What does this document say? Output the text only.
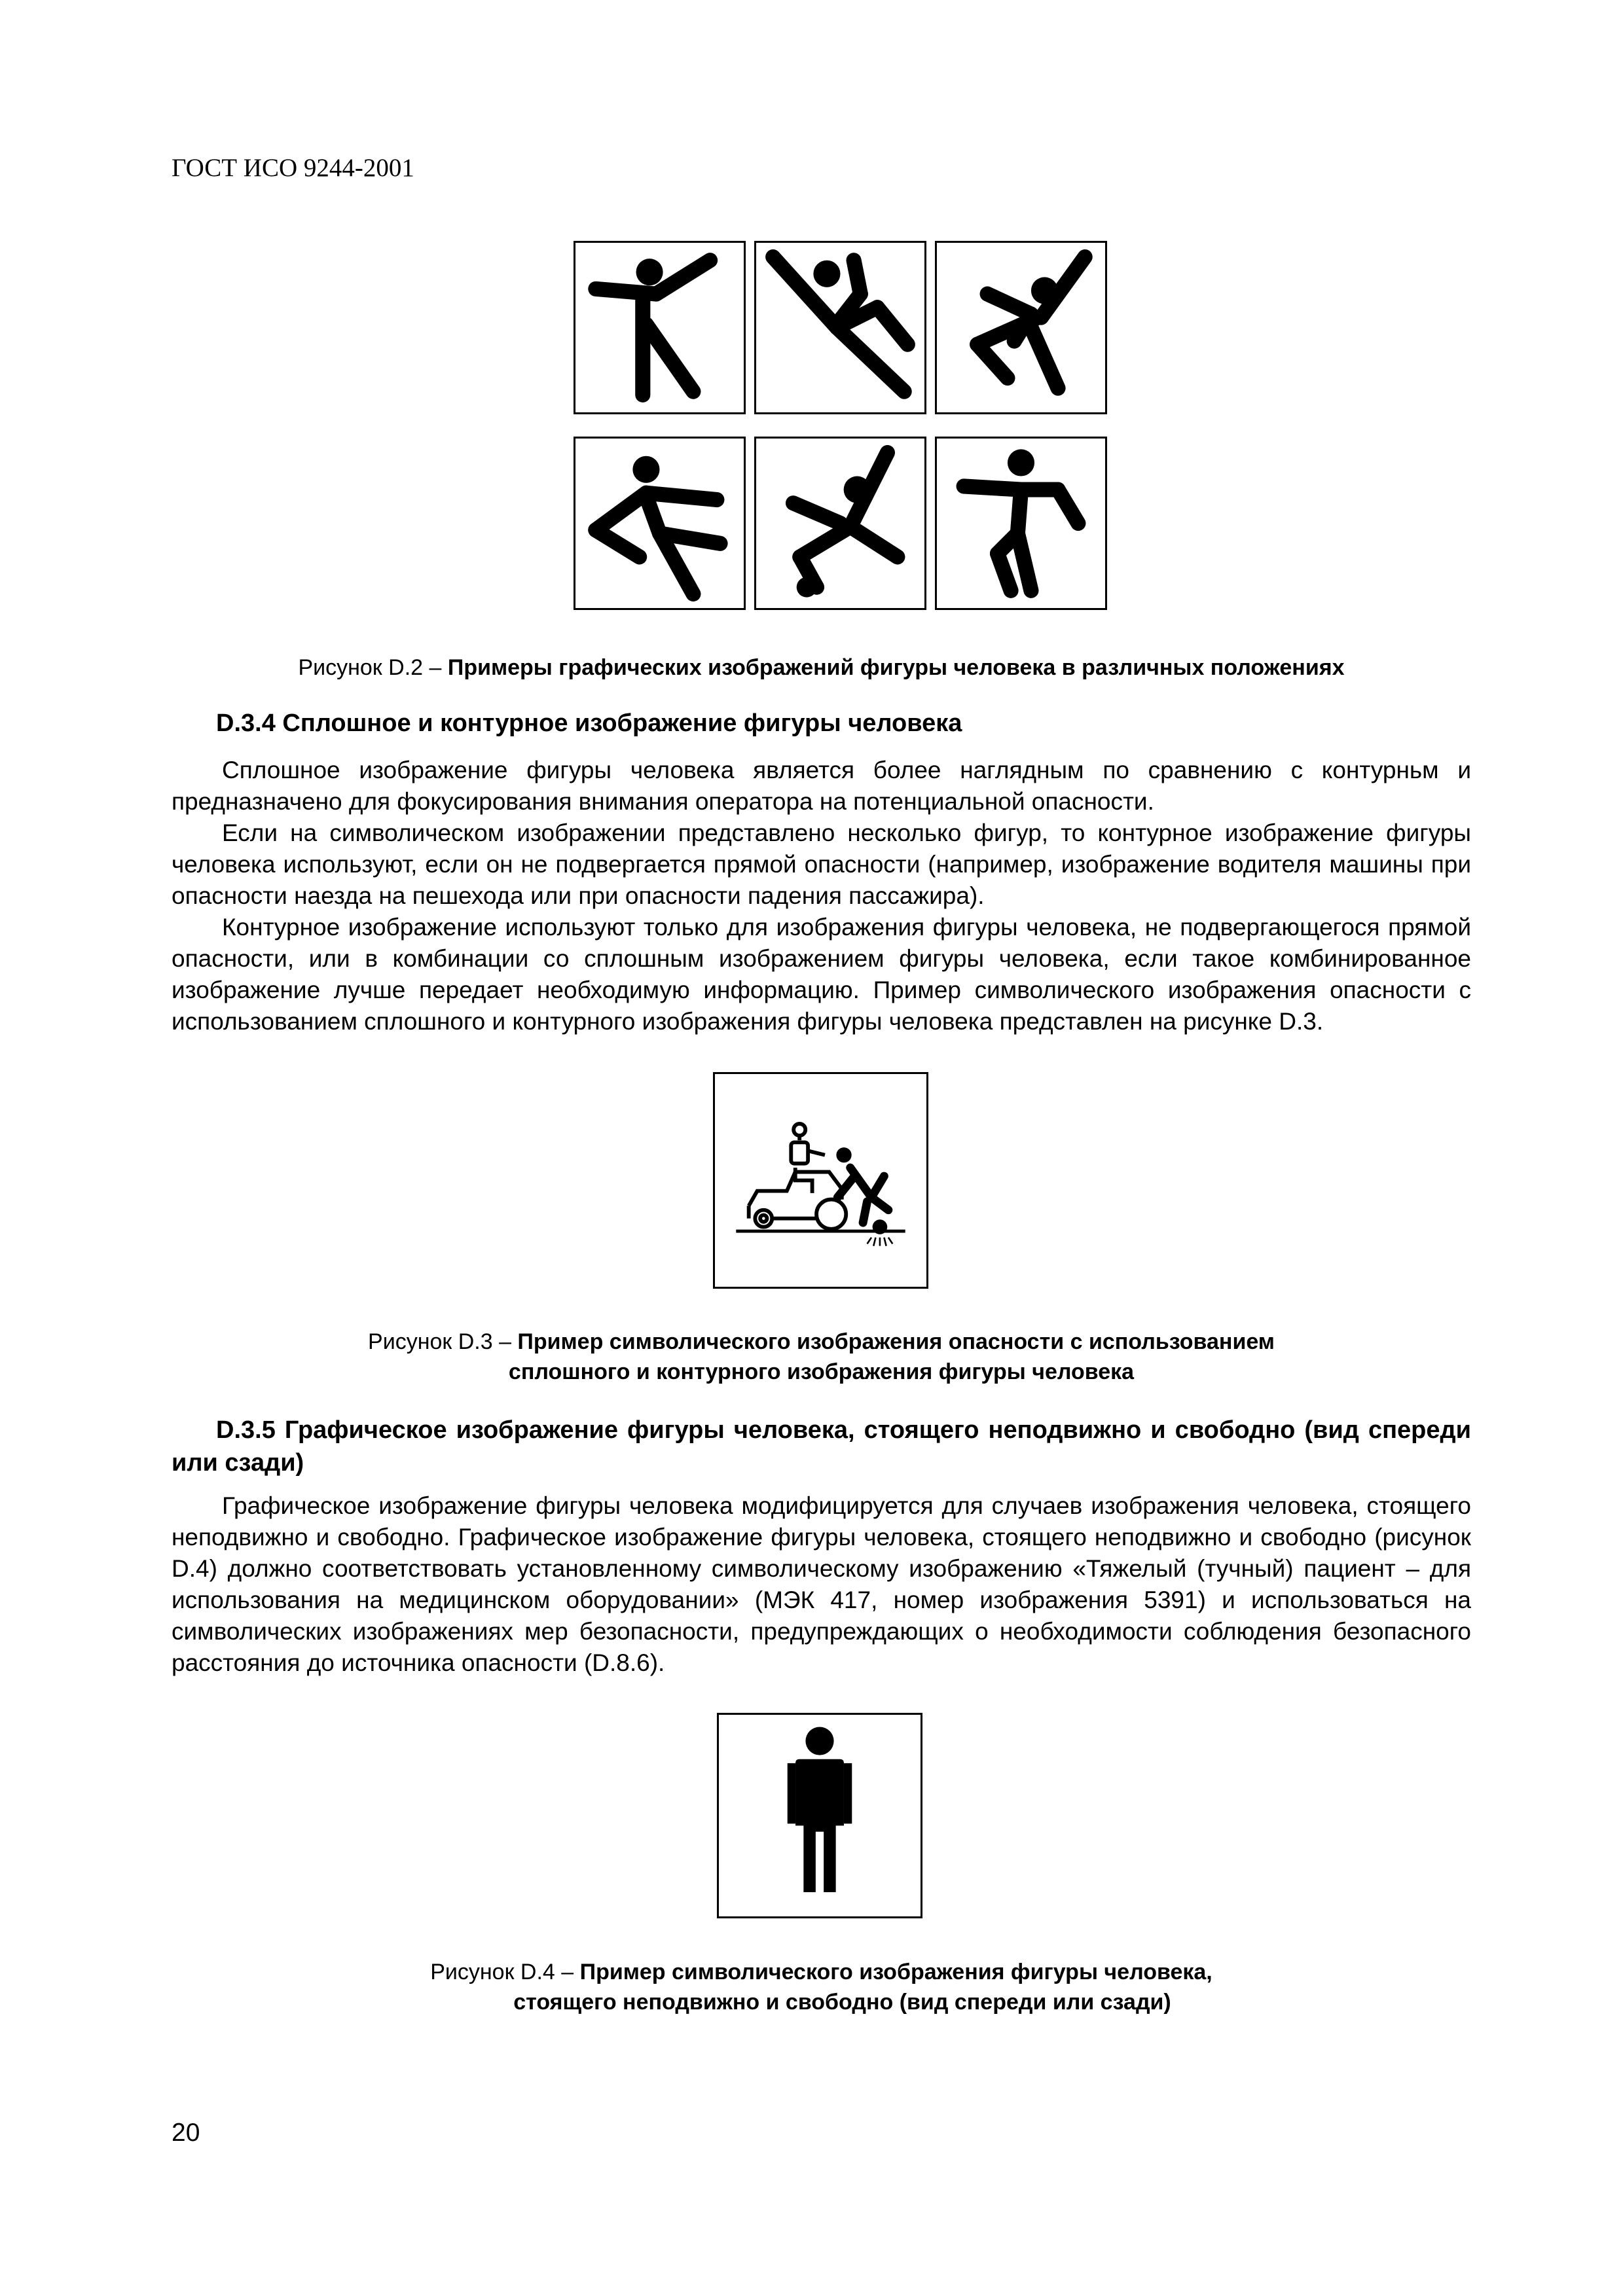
ГОСТ ИСО 9244-2001
Рисунок D.2 – Примеры графических изображений фигуры человека в различных положениях
D.3.4 Сплошное и контурное изображение фигуры человека

Сплошное изображение фигуры человека является более наглядным по сравнению с контурньм и предназначено для фокусирования внимания оператора на потенциальной опасности.

Если на символическом изображении представлено несколько фигур, то контурное изображение фигуры человека используют, если он не подвергается прямой опасности (например, изображение водителя машины при опасности наезда на пешехода или при опасности падения пассажира).

Контурное изображение используют только для изображения фигуры человека, не подвергающегося прямой опасности, или в комбинации со сплошным изображением фигуры человека, если такое комбинированное изображение лучше передает необходимую информацию. Пример символического изображения опасности с использованием сплошного и контурного изображения фигуры человека представлен на рисунке D.3.

Рисунок D.3 – Пример символического изображения опасности с использованием
сплошного и контурного изображения фигуры человека
D.3.5 Графическое изображение фигуры человека, стоящего неподвижно и свободно (вид спереди или сзади)

Графическое изображение фигуры человека модифицируется для случаев изображения человека, стоящего неподвижно и свободно. Графическое изображение фигуры человека, стоящего неподвижно и свободно (рисунок D.4) должно соответствовать установленному символическому изображению «Тяжелый (тучный) пациент – для использования на медицинском оборудовании» (МЭК 417, номер изображения 5391) и использоваться на символических изображениях мер безопасности, предупреждающих о необходимости соблюдения безопасного расстояния до источника опасности (D.8.6).

Рисунок D.4 – Пример символического изображения фигуры человека,
стоящего неподвижно и свободно (вид спереди или сзади)
20
